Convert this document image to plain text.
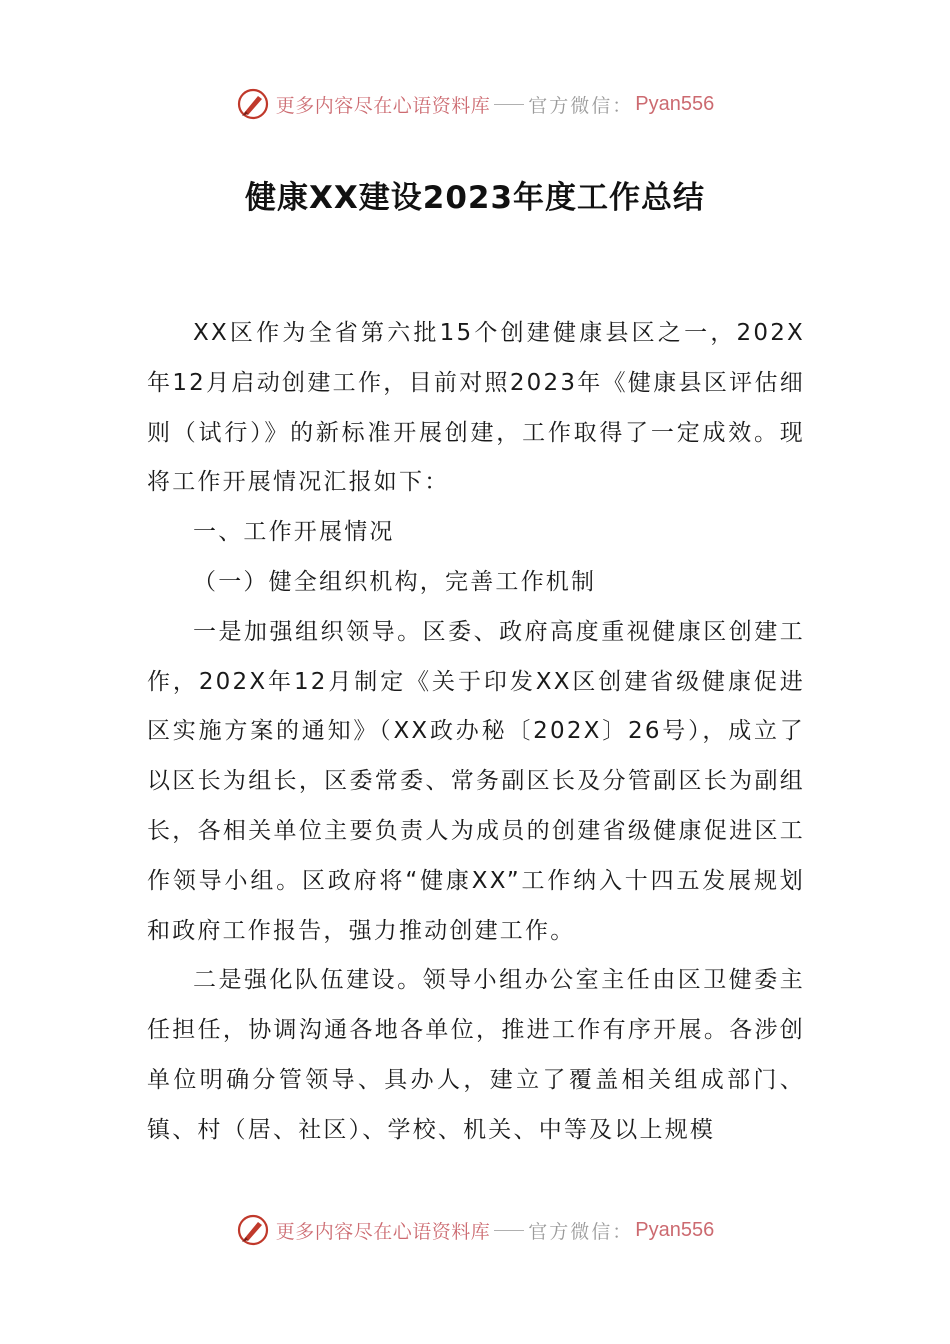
更多内容尽在心语资料库 官方微信： Pyan556
健康XX建设2023年度工作总结

XX区作为全省第六批15个创建健康县区之一，202X年12月启动创建工作，目前对照2023年《健康县区评估细则（试行）》的新标准开展创建，工作取得了一定成效。现将工作开展情况汇报如下：

一、工作开展情况

（一）健全组织机构，完善工作机制

一是加强组织领导。区委、政府高度重视健康区创建工作，202X年12月制定《关于印发XX区创建省级健康促进区实施方案的通知》（XX政办秘〔202X〕26号），成立了以区长为组长，区委常委、常务副区长及分管副区长为副组长，各相关单位主要负责人为成员的创建省级健康促进区工作领导小组。区政府将“健康XX”工作纳入十四五发展规划和政府工作报告，强力推动创建工作。

二是强化队伍建设。领导小组办公室主任由区卫健委主任担任，协调沟通各地各单位，推进工作有序开展。各涉创单位明确分管领导、具办人，建立了覆盖相关组成部门、镇、村（居、社区）、学校、机关、中等及以上规模

更多内容尽在心语资料库 官方微信： Pyan556
